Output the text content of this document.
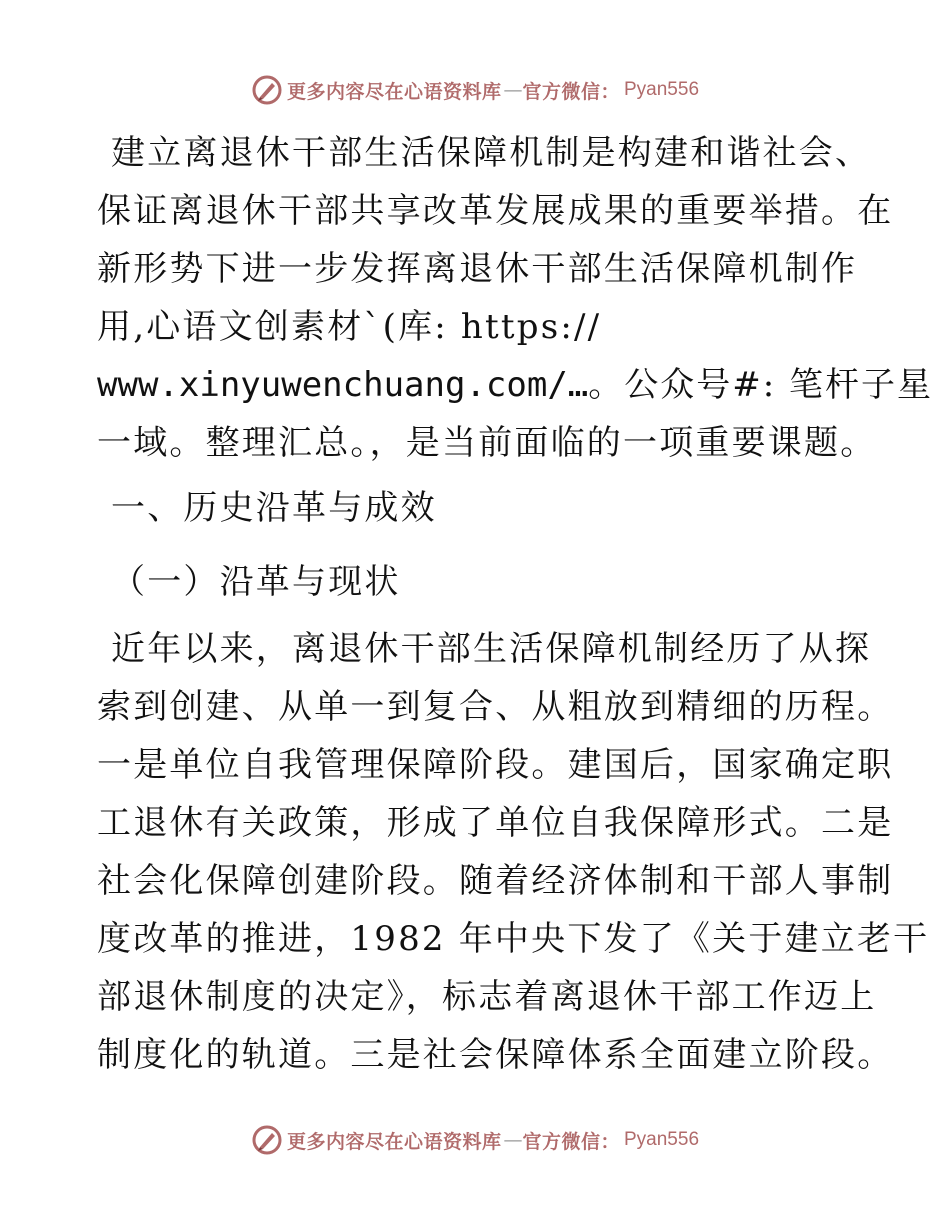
更多内容尽在心语资料库 — 官方微信： Pyan556
建立离退休干部生活保障机制是构建和谐社会、
保证离退休干部共享改革发展成果的重要举措。在
新形势下进一步发挥离退休干部生活保障机制作
用,心语文创素材`(库: https://
www.xinyuwenchuang.com/…。公众号#: 笔杆子星
一域。整理汇总。，是当前面临的一项重要课题。
一、历史沿革与成效
（一）沿革与现状
近年以来，离退休干部生活保障机制经历了从探
索到创建、从单一到复合、从粗放到精细的历程。
一是单位自我管理保障阶段。建国后，国家确定职
工退休有关政策，形成了单位自我保障形式。二是
社会化保障创建阶段。随着经济体制和干部人事制
度改革的推进，1982 年中央下发了《关于建立老干
部退休制度的决定》，标志着离退休干部工作迈上
制度化的轨道。三是社会保障体系全面建立阶段。
更多内容尽在心语资料库 — 官方微信： Pyan556
